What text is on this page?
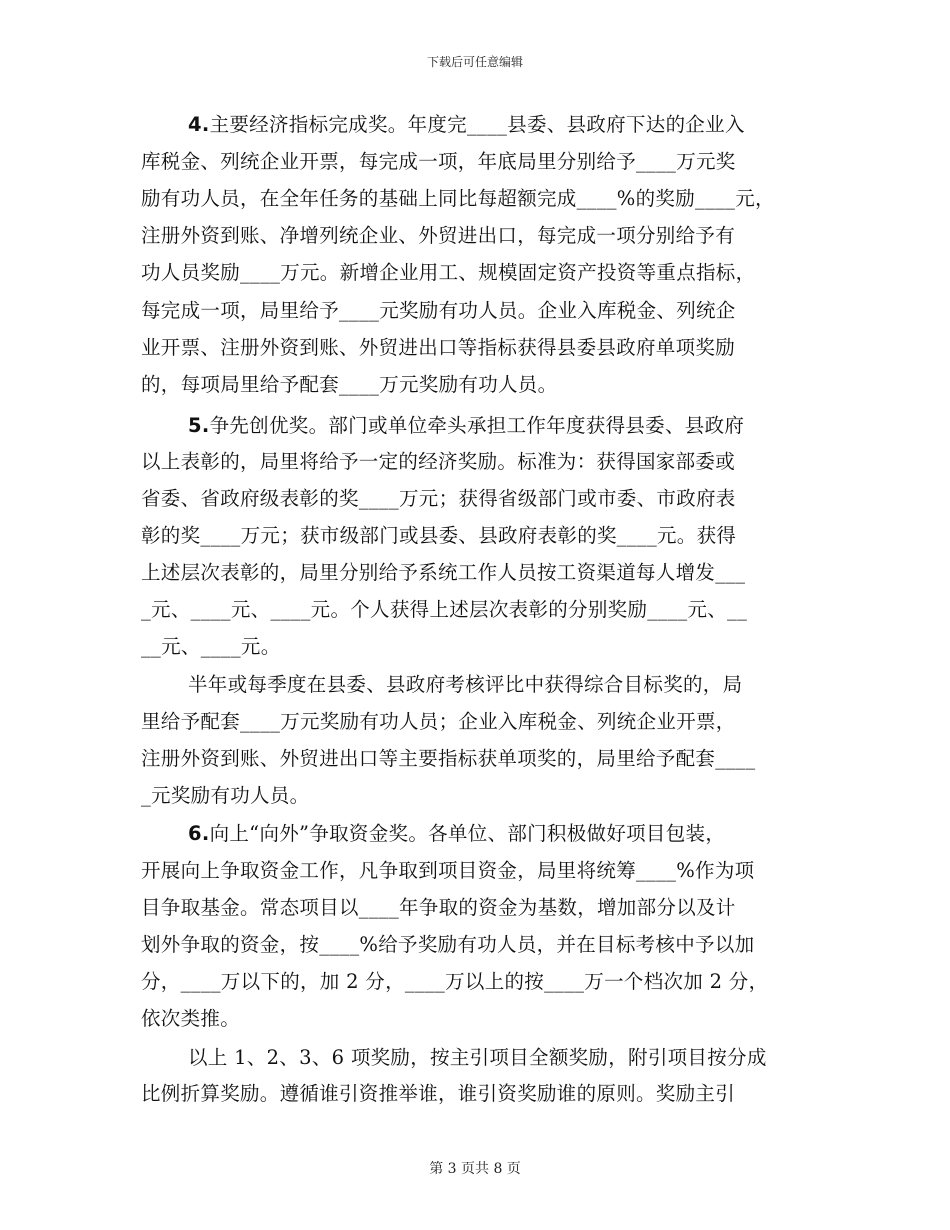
下载后可任意编辑
4.主要经济指标完成奖。年度完____县委、县政府下达的企业入
库税金、列统企业开票，每完成一项，年底局里分别给予____万元奖
励有功人员，在全年任务的基础上同比每超额完成____%的奖励____元，
注册外资到账、净增列统企业、外贸进出口，每完成一项分别给予有
功人员奖励____万元。新增企业用工、规模固定资产投资等重点指标，
每完成一项，局里给予____元奖励有功人员。企业入库税金、列统企
业开票、注册外资到账、外贸进出口等指标获得县委县政府单项奖励
的，每项局里给予配套____万元奖励有功人员。
5.争先创优奖。部门或单位牵头承担工作年度获得县委、县政府
以上表彰的，局里将给予一定的经济奖励。标准为：获得国家部委或
省委、省政府级表彰的奖____万元；获得省级部门或市委、市政府表
彰的奖____万元；获市级部门或县委、县政府表彰的奖____元。获得
上述层次表彰的，局里分别给予系统工作人员按工资渠道每人增发___
_元、____元、____元。个人获得上述层次表彰的分别奖励____元、__
__元、____元。
半年或每季度在县委、县政府考核评比中获得综合目标奖的，局
里给予配套____万元奖励有功人员；企业入库税金、列统企业开票，
注册外资到账、外贸进出口等主要指标获单项奖的，局里给予配套____
_元奖励有功人员。
6.向上“向外”争取资金奖。各单位、部门积极做好项目包装，
开展向上争取资金工作，凡争取到项目资金，局里将统筹____%作为项
目争取基金。常态项目以____年争取的资金为基数，增加部分以及计
划外争取的资金，按____%给予奖励有功人员，并在目标考核中予以加
分，____万以下的，加 2 分，____万以上的按____万一个档次加 2 分，
依次类推。
以上 1、2、3、6 项奖励，按主引项目全额奖励，附引项目按分成
比例折算奖励。遵循谁引资推举谁，谁引资奖励谁的原则。奖励主引
第 3 页共 8 页
